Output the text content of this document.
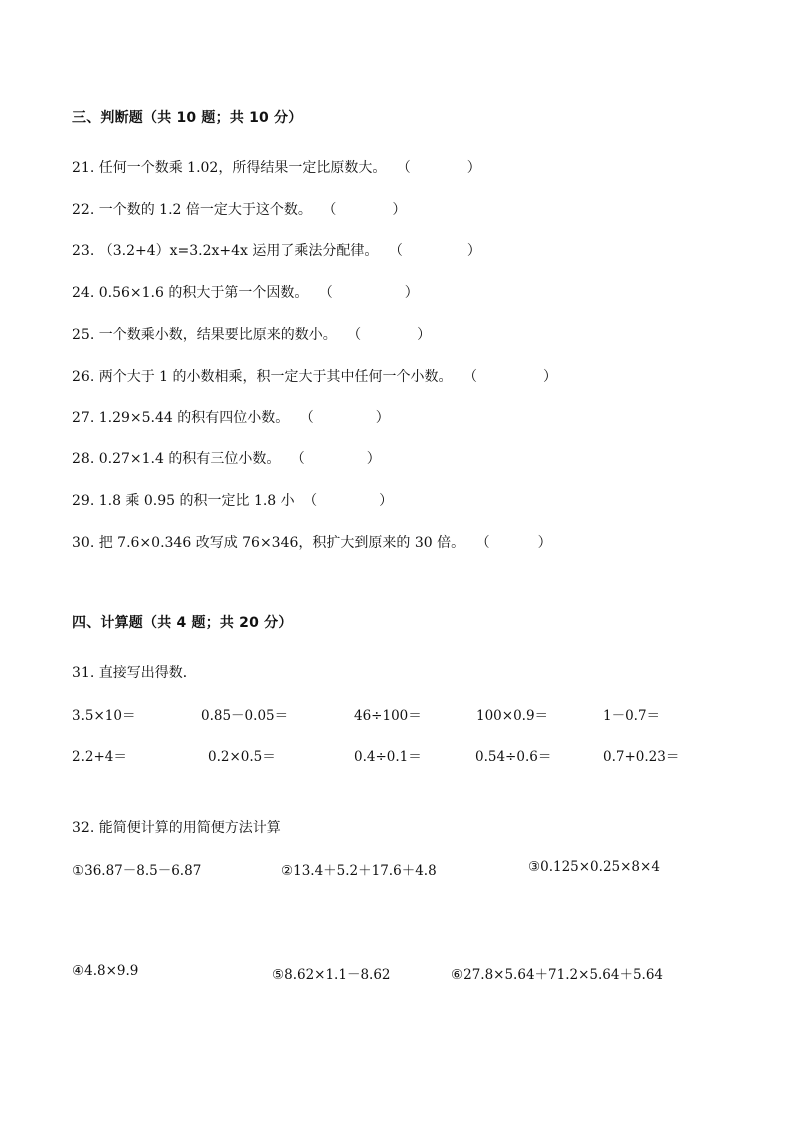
三、判断题（共 10 题；共 10 分）
21. 任何一个数乘 1.02，所得结果一定比原数大。 （	）
22. 一个数的 1.2 倍一定大于这个数。 （	）
23. （3.2+4）x=3.2x+4x 运用了乘法分配律。 （	）
24. 0.56×1.6 的积大于第一个因数。 （	）
25. 一个数乘小数，结果要比原来的数小。 （	）
26. 两个大于 1 的小数相乘，积一定大于其中任何一个小数。 （	）
27. 1.29×5.44 的积有四位小数。 （	）
28. 0.27×1.4 的积有三位小数。 （	）
29. 1.8 乘 0.95 的积一定比 1.8 小 （	）
30. 把 7.6×0.346 改写成 76×346，积扩大到原来的 30 倍。 （	）
四、计算题（共 4 题；共 20 分）
31. 直接写出得数．
3.5×10＝	0.85－0.05＝	46÷100＝	100×0.9＝	1－0.7＝
2.2+4＝	0.2×0.5＝	0.4÷0.1＝	0.54÷0.6＝	0.7+0.23＝
32. 能简便计算的用简便方法计算
①36.87－8.5－6.87	②13.4＋5.2＋17.6＋4.8	③0.125×0.25×8×4
④4.8×9.9	⑤8.62×1.1－8.62	⑥27.8×5.64＋71.2×5.64＋5.64
